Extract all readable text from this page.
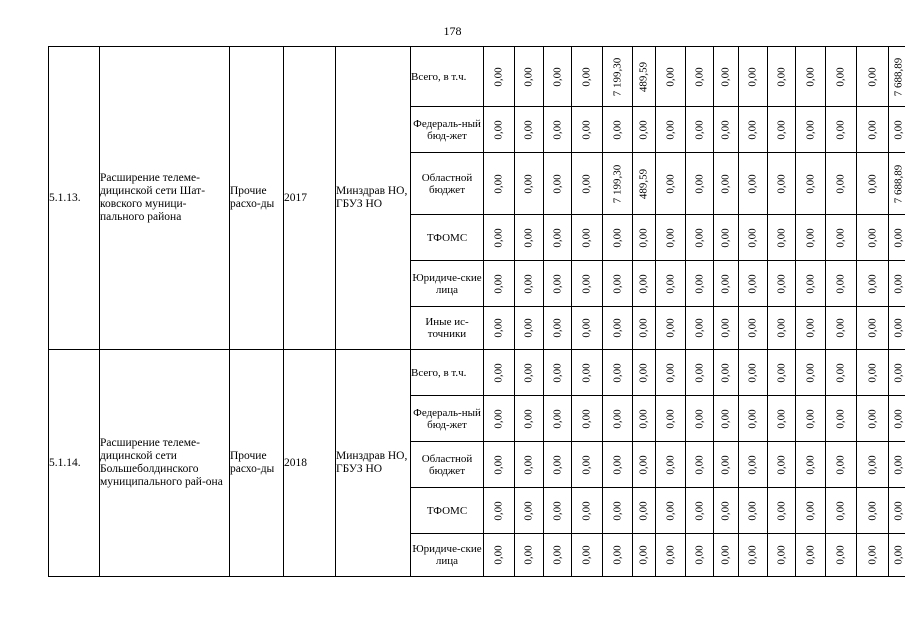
178
5.1.13.	Расширение телеме-дицинской сети Шат-ковского муници-пального района	Прочие расхо-ды	2017	Минздрав НО, ГБУЗ НО	Всего, в т.ч.	0,00	0,00	0,00	0,00	7 199,30	489,59	0,00	0,00	0,00	0,00	0,00	0,00	0,00	0,00	7 688,89

					Федераль-ный бюд-жет	0,00	0,00	0,00	0,00	0,00	0,00	0,00	0,00	0,00	0,00	0,00	0,00	0,00	0,00	0,00

					Областной бюджет	0,00	0,00	0,00	0,00	7 199,30	489,59	0,00	0,00	0,00	0,00	0,00	0,00	0,00	0,00	7 688,89

					ТФОМС	0,00	0,00	0,00	0,00	0,00	0,00	0,00	0,00	0,00	0,00	0,00	0,00	0,00	0,00	0,00

					Юридиче-ские лица	0,00	0,00	0,00	0,00	0,00	0,00	0,00	0,00	0,00	0,00	0,00	0,00	0,00	0,00	0,00

					Иные ис-точники	0,00	0,00	0,00	0,00	0,00	0,00	0,00	0,00	0,00	0,00	0,00	0,00	0,00	0,00	0,00

5.1.14.	Расширение телеме-дицинской сети Большеболдинского муниципального рай-она	Прочие расхо-ды	2018	Минздрав НО, ГБУЗ НО	Всего, в т.ч.	0,00	0,00	0,00	0,00	0,00	0,00	0,00	0,00	0,00	0,00	0,00	0,00	0,00	0,00	0,00

					Федераль-ный бюд-жет	0,00	0,00	0,00	0,00	0,00	0,00	0,00	0,00	0,00	0,00	0,00	0,00	0,00	0,00	0,00

					Областной бюджет	0,00	0,00	0,00	0,00	0,00	0,00	0,00	0,00	0,00	0,00	0,00	0,00	0,00	0,00	0,00

					ТФОМС	0,00	0,00	0,00	0,00	0,00	0,00	0,00	0,00	0,00	0,00	0,00	0,00	0,00	0,00	0,00

					Юридиче-ские лица	0,00	0,00	0,00	0,00	0,00	0,00	0,00	0,00	0,00	0,00	0,00	0,00	0,00	0,00	0,00
